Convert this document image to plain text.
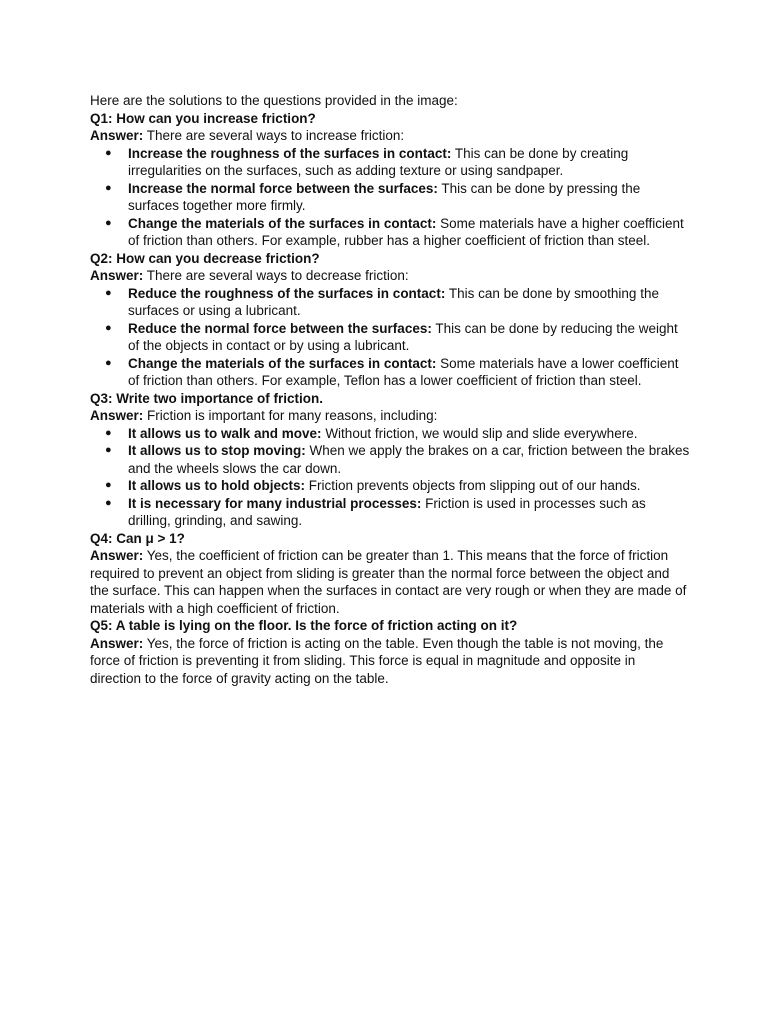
Here are the solutions to the questions provided in the image:

Q1: How can you increase friction?

Answer: There are several ways to increase friction:

● Increase the roughness of the surfaces in contact: This can be done by creating irregularities on the surfaces, such as adding texture or using sandpaper.
● Increase the normal force between the surfaces: This can be done by pressing the surfaces together more firmly.
● Change the materials of the surfaces in contact: Some materials have a higher coefficient of friction than others. For example, rubber has a higher coefficient of friction than steel.

Q2: How can you decrease friction?

Answer: There are several ways to decrease friction:

● Reduce the roughness of the surfaces in contact: This can be done by smoothing the surfaces or using a lubricant.
● Reduce the normal force between the surfaces: This can be done by reducing the weight of the objects in contact or by using a lubricant.
● Change the materials of the surfaces in contact: Some materials have a lower coefficient of friction than others. For example, Teflon has a lower coefficient of friction than steel.

Q3: Write two importance of friction.

Answer: Friction is important for many reasons, including:

● It allows us to walk and move: Without friction, we would slip and slide everywhere.
● It allows us to stop moving: When we apply the brakes on a car, friction between the brakes and the wheels slows the car down.
● It allows us to hold objects: Friction prevents objects from slipping out of our hands.
● It is necessary for many industrial processes: Friction is used in processes such as drilling, grinding, and sawing.

Q4: Can μ > 1?

Answer: Yes, the coefficient of friction can be greater than 1. This means that the force of friction required to prevent an object from sliding is greater than the normal force between the object and the surface. This can happen when the surfaces in contact are very rough or when they are made of materials with a high coefficient of friction.

Q5: A table is lying on the floor. Is the force of friction acting on it?

Answer: Yes, the force of friction is acting on the table. Even though the table is not moving, the force of friction is preventing it from sliding. This force is equal in magnitude and opposite in direction to the force of gravity acting on the table.
